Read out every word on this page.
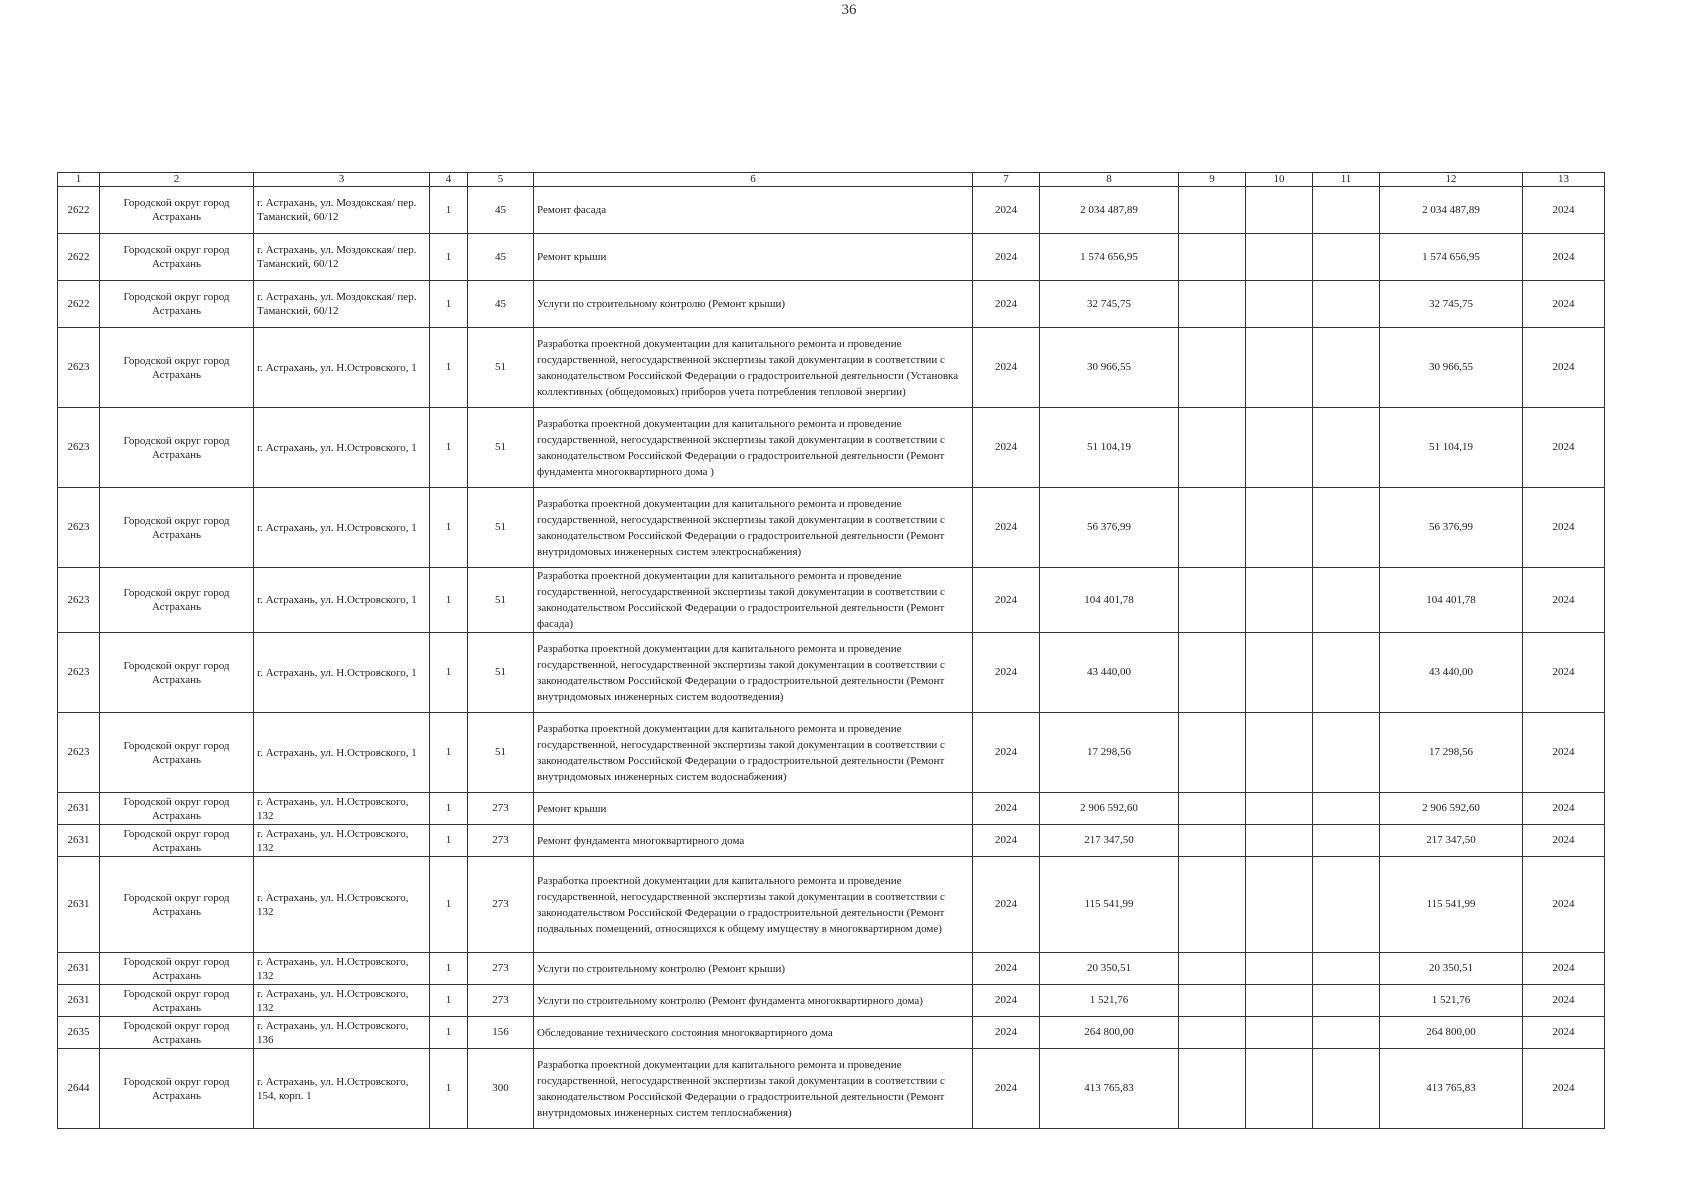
36
1	2	3	4	5	6	7	8	9	10	11	12	13
2622	Городской округ город Астрахань	г. Астрахань, ул. Моздокская/ пер. Таманский, 60/12	1	45	Ремонт фасада	2024	2 034 487,89				2 034 487,89	2024
2622	Городской округ город Астрахань	г. Астрахань, ул. Моздокская/ пер. Таманский, 60/12	1	45	Ремонт крыши	2024	1 574 656,95				1 574 656,95	2024
2622	Городской округ город Астрахань	г. Астрахань, ул. Моздокская/ пер. Таманский, 60/12	1	45	Услуги по строительному контролю (Ремонт крыши)	2024	32 745,75				32 745,75	2024
2623	Городской округ город Астрахань	г. Астрахань, ул. Н.Островского, 1	1	51	Разработка проектной документации для капитального ремонта и проведение государственной, негосударственной экспертизы такой документации в соответствии с законодательством Российской Федерации о градостроительной деятельности (Установка коллективных (общедомовых) приборов учета потребления тепловой энергии)	2024	30 966,55				30 966,55	2024
2623	Городской округ город Астрахань	г. Астрахань, ул. Н.Островского, 1	1	51	Разработка проектной документации для капитального ремонта и проведение государственной, негосударственной экспертизы такой документации в соответствии с законодательством Российской Федерации о градостроительной деятельности (Ремонт фундамента многоквартирного дома )	2024	51 104,19				51 104,19	2024
2623	Городской округ город Астрахань	г. Астрахань, ул. Н.Островского, 1	1	51	Разработка проектной документации для капитального ремонта и проведение государственной, негосударственной экспертизы такой документации в соответствии с законодательством Российской Федерации о градостроительной деятельности (Ремонт внутридомовых инженерных систем электроснабжения)	2024	56 376,99				56 376,99	2024
2623	Городской округ город Астрахань	г. Астрахань, ул. Н.Островского, 1	1	51	Разработка проектной документации для капитального ремонта и проведение государственной, негосударственной экспертизы такой документации в соответствии с законодательством Российской Федерации о градостроительной деятельности (Ремонт фасада)	2024	104 401,78				104 401,78	2024
2623	Городской округ город Астрахань	г. Астрахань, ул. Н.Островского, 1	1	51	Разработка проектной документации для капитального ремонта и проведение государственной, негосударственной экспертизы такой документации в соответствии с законодательством Российской Федерации о градостроительной деятельности (Ремонт внутридомовых инженерных систем водоотведения)	2024	43 440,00				43 440,00	2024
2623	Городской округ город Астрахань	г. Астрахань, ул. Н.Островского, 1	1	51	Разработка проектной документации для капитального ремонта и проведение государственной, негосударственной экспертизы такой документации в соответствии с законодательством Российской Федерации о градостроительной деятельности (Ремонт внутридомовых инженерных систем водоснабжения)	2024	17 298,56				17 298,56	2024
2631	Городской округ город Астрахань	г. Астрахань, ул. Н.Островского, 132	1	273	Ремонт крыши	2024	2 906 592,60				2 906 592,60	2024
2631	Городской округ город Астрахань	г. Астрахань, ул. Н.Островского, 132	1	273	Ремонт фундамента многоквартирного дома	2024	217 347,50				217 347,50	2024
2631	Городской округ город Астрахань	г. Астрахань, ул. Н.Островского, 132	1	273	Разработка проектной документации для капитального ремонта и проведение государственной, негосударственной экспертизы такой документации в соответствии с законодательством Российской Федерации о градостроительной деятельности (Ремонт подвальных помещений, относящихся к общему имуществу в многоквартирном доме)	2024	115 541,99				115 541,99	2024
2631	Городской округ город Астрахань	г. Астрахань, ул. Н.Островского, 132	1	273	Услуги по строительному контролю (Ремонт крыши)	2024	20 350,51				20 350,51	2024
2631	Городской округ город Астрахань	г. Астрахань, ул. Н.Островского, 132	1	273	Услуги по строительному контролю (Ремонт фундамента многоквартирного дома)	2024	1 521,76				1 521,76	2024
2635	Городской округ город Астрахань	г. Астрахань, ул. Н.Островского, 136	1	156	Обследование технического состояния многоквартирного дома	2024	264 800,00				264 800,00	2024
2644	Городской округ город Астрахань	г. Астрахань, ул. Н.Островского, 154, корп. 1	1	300	Разработка проектной документации для капитального ремонта и проведение государственной, негосударственной экспертизы такой документации в соответствии с законодательством Российской Федерации о градостроительной деятельности (Ремонт внутридомовых инженерных систем теплоснабжения)	2024	413 765,83				413 765,83	2024
